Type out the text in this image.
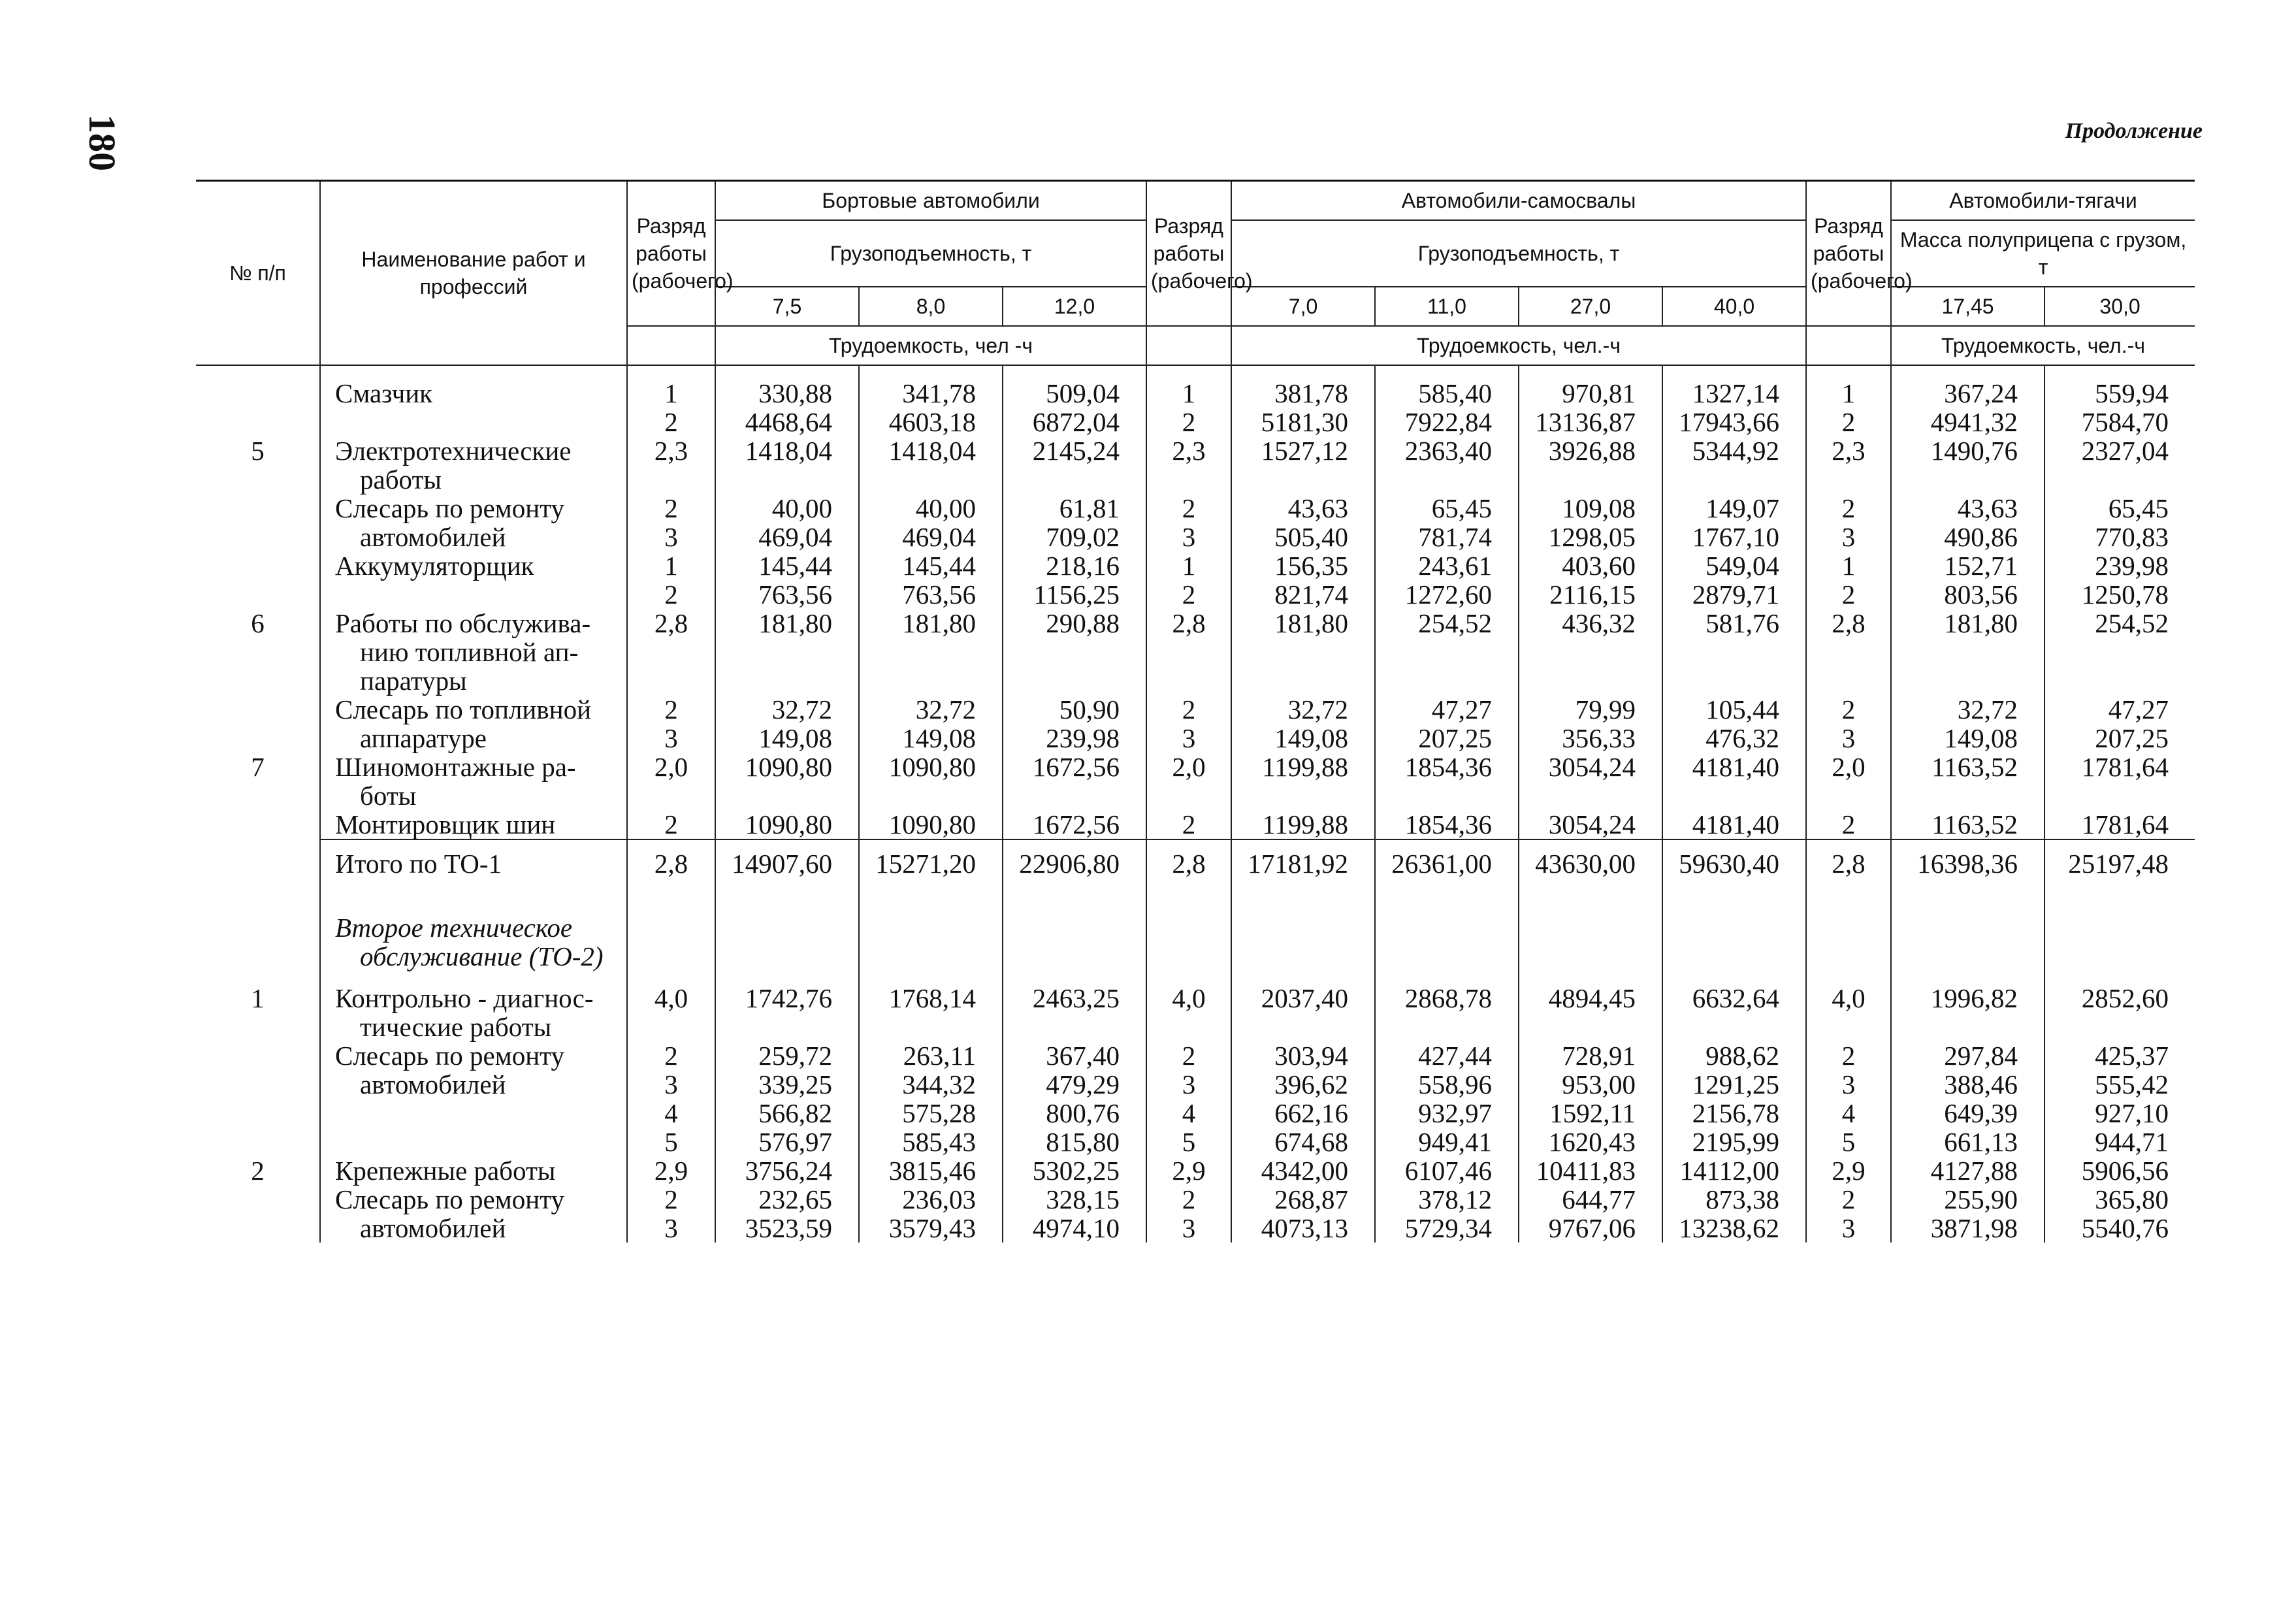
180	Продолжение
№ п/п	Наименование работ и профессий	Разряд работы (рабочего)	Бортовые автомобили			Разряд работы (рабочего)	Автомобили-самосвалы				Разряд работы (рабочего)	Автомобили-тягачи	
			Грузоподъемность, т				Грузоподъемность, т					Масса полуприцепа с грузом, т	
			7,5	8,0	12,0		7,0	11,0	27,0	40,0		17,45	30,0
			Трудоемкость, чел -ч				Трудоемкость, чел.-ч					Трудоемкость, чел.-ч	

	Смазчик	1	330,88	341,78	509,04	1	381,78	585,40	970,81	1327,14	1	367,24	559,94
		2	4468,64	4603,18	6872,04	2	5181,30	7922,84	13136,87	17943,66	2	4941,32	7584,70
5	Электротехнические	2,3	1418,04	1418,04	2145,24	2,3	1527,12	2363,40	3926,88	5344,92	2,3	1490,76	2327,04
	работы												
	Слесарь по ремонту	2	40,00	40,00	61,81	2	43,63	65,45	109,08	149,07	2	43,63	65,45
	автомобилей	3	469,04	469,04	709,02	3	505,40	781,74	1298,05	1767,10	3	490,86	770,83
	Аккумуляторщик	1	145,44	145,44	218,16	1	156,35	243,61	403,60	549,04	1	152,71	239,98
		2	763,56	763,56	1156,25	2	821,74	1272,60	2116,15	2879,71	2	803,56	1250,78
6	Работы по обслужива-	2,8	181,80	181,80	290,88	2,8	181,80	254,52	436,32	581,76	2,8	181,80	254,52
	нию топливной ап-												
	паратуры												
	Слесарь по топливной	2	32,72	32,72	50,90	2	32,72	47,27	79,99	105,44	2	32,72	47,27
	аппаратуре	3	149,08	149,08	239,98	3	149,08	207,25	356,33	476,32	3	149,08	207,25
7	Шиномонтажные ра-	2,0	1090,80	1090,80	1672,56	2,0	1199,88	1854,36	3054,24	4181,40	2,0	1163,52	1781,64
	боты												
	Монтировщик шин	2	1090,80	1090,80	1672,56	2	1199,88	1854,36	3054,24	4181,40	2	1163,52	1781,64
	Итого по ТО-1	2,8	14907,60	15271,20	22906,80	2,8	17181,92	26361,00	43630,00	59630,40	2,8	16398,36	25197,48

	Второе техническое												
	обслуживание (ТО-2)												

1	Контрольно - диагнос-	4,0	1742,76	1768,14	2463,25	4,0	2037,40	2868,78	4894,45	6632,64	4,0	1996,82	2852,60
	тические работы												
	Слесарь по ремонту	2	259,72	263,11	367,40	2	303,94	427,44	728,91	988,62	2	297,84	425,37
	автомобилей	3	339,25	344,32	479,29	3	396,62	558,96	953,00	1291,25	3	388,46	555,42
		4	566,82	575,28	800,76	4	662,16	932,97	1592,11	2156,78	4	649,39	927,10
		5	576,97	585,43	815,80	5	674,68	949,41	1620,43	2195,99	5	661,13	944,71
2	Крепежные работы	2,9	3756,24	3815,46	5302,25	2,9	4342,00	6107,46	10411,83	14112,00	2,9	4127,88	5906,56
	Слесарь по ремонту	2	232,65	236,03	328,15	2	268,87	378,12	644,77	873,38	2	255,90	365,80
	автомобилей	3	3523,59	3579,43	4974,10	3	4073,13	5729,34	9767,06	13238,62	3	3871,98	5540,76
